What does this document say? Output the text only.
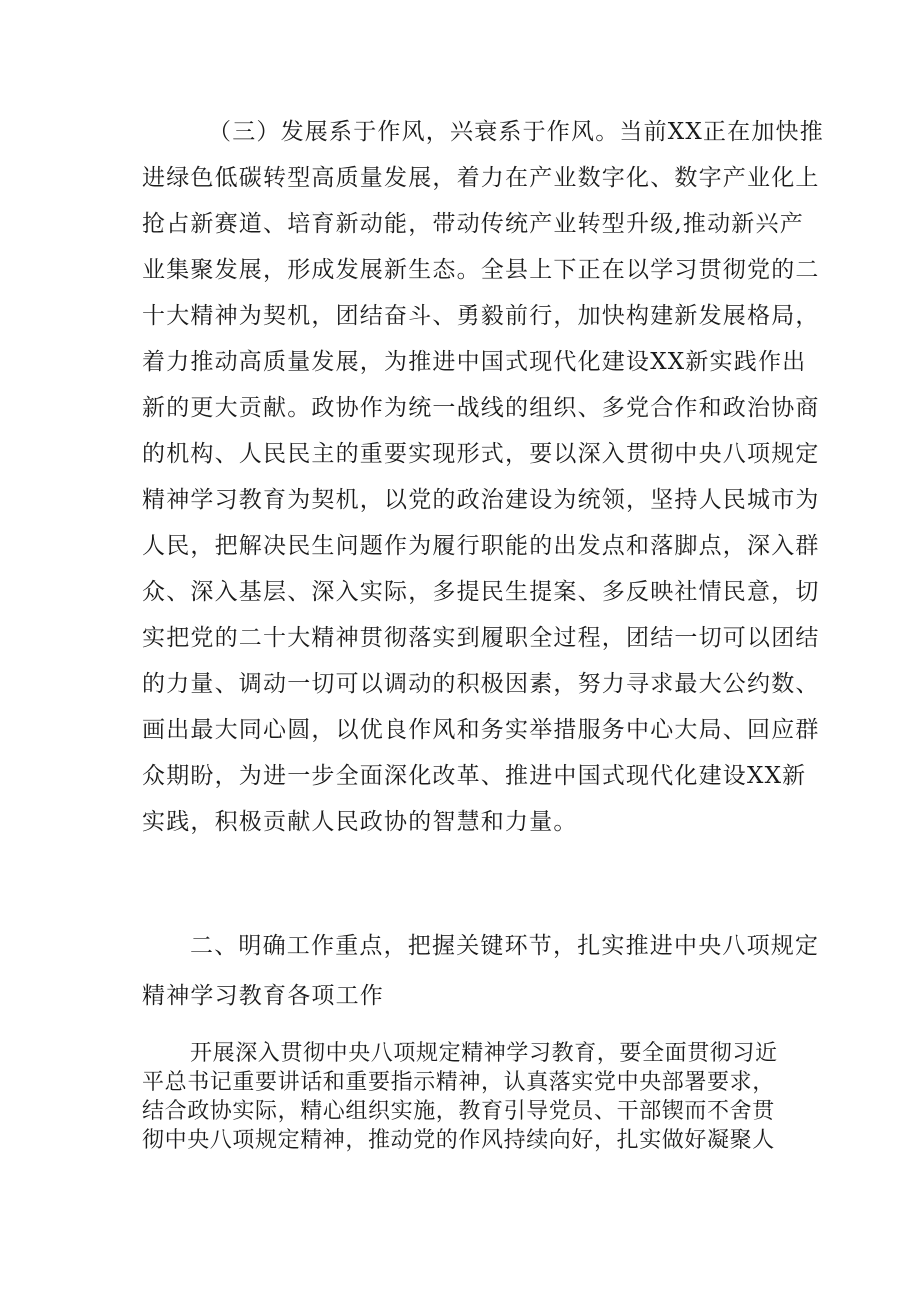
（三）发展系于作风，兴衰系于作风。当前XX正在加快推

进绿色低碳转型高质量发展，着力在产业数字化、数字产业化上

抢占新赛道、培育新动能，带动传统产业转型升级,推动新兴产

业集聚发展，形成发展新生态。全县上下正在以学习贯彻党的二

十大精神为契机，团结奋斗、勇毅前行，加快构建新发展格局，

着力推动高质量发展，为推进中国式现代化建设XX新实践作出

新的更大贡献。政协作为统一战线的组织、多党合作和政治协商

的机构、人民民主的重要实现形式，要以深入贯彻中央八项规定

精神学习教育为契机，以党的政治建设为统领，坚持人民城市为

人民，把解决民生问题作为履行职能的出发点和落脚点，深入群

众、深入基层、深入实际，多提民生提案、多反映社情民意，切

实把党的二十大精神贯彻落实到履职全过程，团结一切可以团结

的力量、调动一切可以调动的积极因素，努力寻求最大公约数、

画出最大同心圆，以优良作风和务实举措服务中心大局、回应群

众期盼，为进一步全面深化改革、推进中国式现代化建设XX新

实践，积极贡献人民政协的智慧和力量。

二、明确工作重点，把握关键环节，扎实推进中央八项规定

精神学习教育各项工作

开展深入贯彻中央八项规定精神学习教育，要全面贯彻习近

平总书记重要讲话和重要指示精神，认真落实党中央部署要求，

结合政协实际，精心组织实施，教育引导党员、干部锲而不舍贯

彻中央八项规定精神，推动党的作风持续向好，扎实做好凝聚人
